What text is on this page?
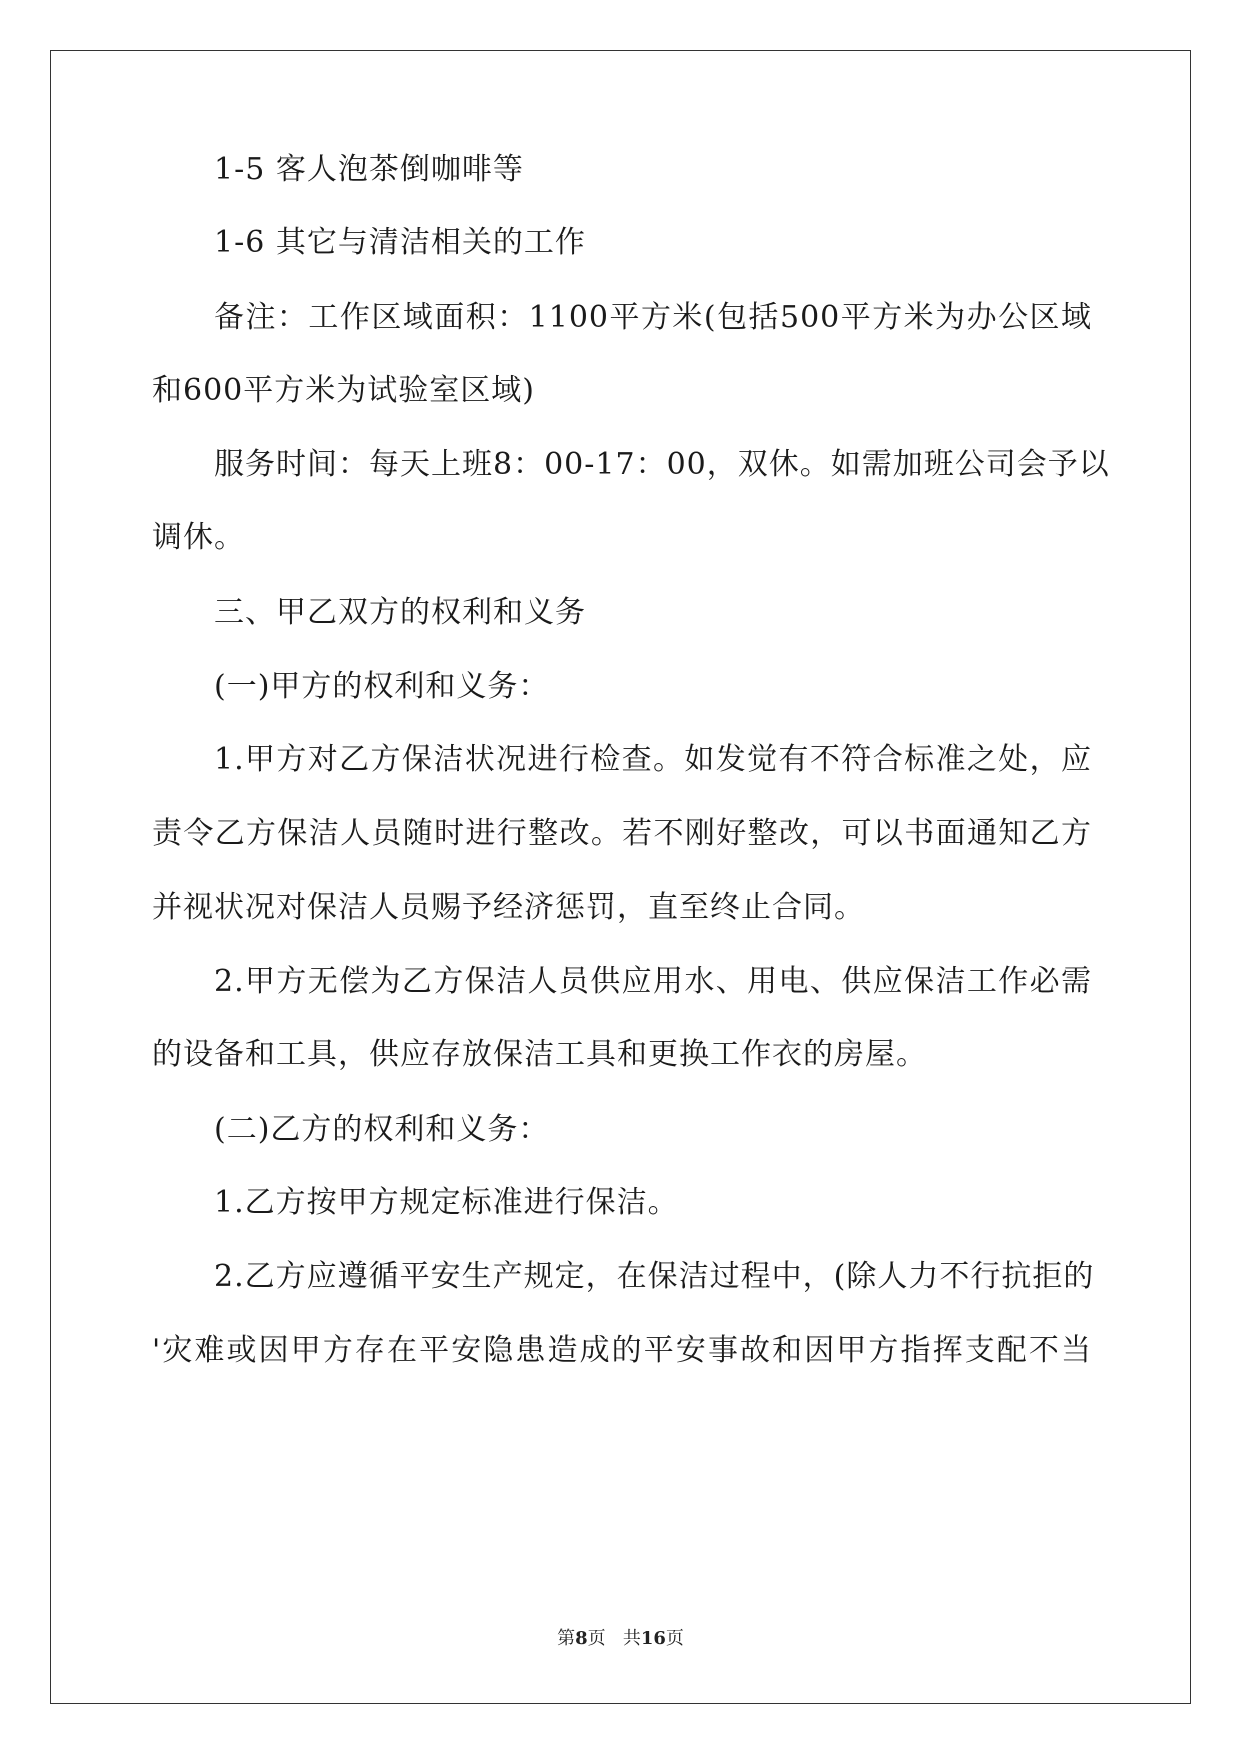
1-5 客人泡茶倒咖啡等
1-6 其它与清洁相关的工作
备注：工作区域面积：1100平方米(包括500平方米为办公区域
和600平方米为试验室区域)
服务时间：每天上班8：00-17：00，双休。如需加班公司会予以
调休。
三、甲乙双方的权利和义务
(一)甲方的权利和义务：
1.甲方对乙方保洁状况进行检查。如发觉有不符合标准之处，应
责令乙方保洁人员随时进行整改。若不刚好整改，可以书面通知乙方
并视状况对保洁人员赐予经济惩罚，直至终止合同。
2.甲方无偿为乙方保洁人员供应用水、用电、供应保洁工作必需
的设备和工具，供应存放保洁工具和更换工作衣的房屋。
(二)乙方的权利和义务：
1.乙方按甲方规定标准进行保洁。
2.乙方应遵循平安生产规定，在保洁过程中，(除人力不行抗拒的
'灾难或因甲方存在平安隐患造成的平安事故和因甲方指挥支配不当
第8页 共16页
